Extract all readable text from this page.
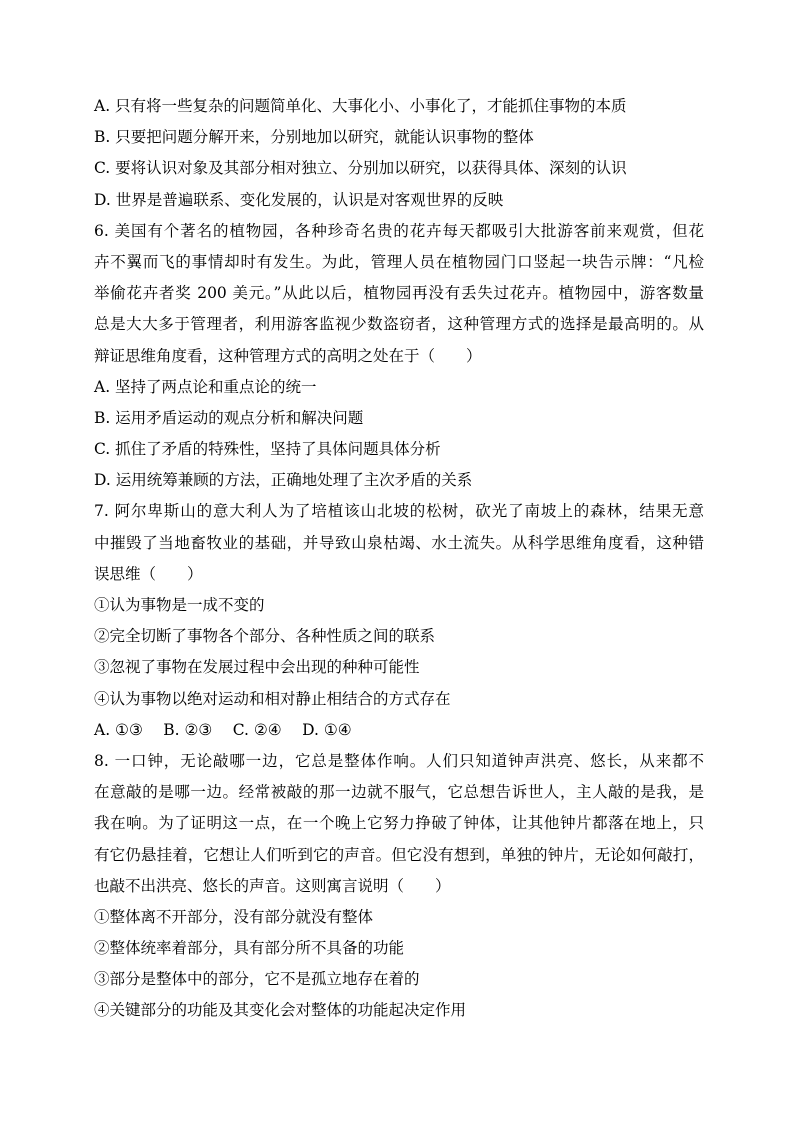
A. 只有将一些复杂的问题简单化、大事化小、小事化了，才能抓住事物的本质
B. 只要把问题分解开来，分别地加以研究，就能认识事物的整体
C. 要将认识对象及其部分相对独立、分别加以研究，以获得具体、深刻的认识
D. 世界是普遍联系、变化发展的，认识是对客观世界的反映
6. 美国有个著名的植物园，各种珍奇名贵的花卉每天都吸引大批游客前来观赏，但花
卉不翼而飞的事情却时有发生。为此，管理人员在植物园门口竖起一块告示牌：“凡检
举偷花卉者奖 200 美元。”从此以后，植物园再没有丢失过花卉。植物园中，游客数量
总是大大多于管理者，利用游客监视少数盗窃者，这种管理方式的选择是最高明的。从
辩证思维角度看，这种管理方式的高明之处在于（　　）
A. 坚持了两点论和重点论的统一
B. 运用矛盾运动的观点分析和解决问题
C. 抓住了矛盾的特殊性，坚持了具体问题具体分析
D. 运用统筹兼顾的方法，正确地处理了主次矛盾的关系
7. 阿尔卑斯山的意大利人为了培植该山北坡的松树，砍光了南坡上的森林，结果无意
中摧毁了当地畜牧业的基础，并导致山泉枯竭、水土流失。从科学思维角度看，这种错
误思维（　　）
①认为事物是一成不变的
②完全切断了事物各个部分、各种性质之间的联系
③忽视了事物在发展过程中会出现的种种可能性
④认为事物以绝对运动和相对静止相结合的方式存在
A. ①③　 B. ②③　 C. ②④　 D. ①④
8. 一口钟，无论敲哪一边，它总是整体作响。人们只知道钟声洪亮、悠长，从来都不
在意敲的是哪一边。经常被敲的那一边就不服气，它总想告诉世人，主人敲的是我，是
我在响。为了证明这一点，在一个晚上它努力挣破了钟体，让其他钟片都落在地上，只
有它仍悬挂着，它想让人们听到它的声音。但它没有想到，单独的钟片，无论如何敲打，
也敲不出洪亮、悠长的声音。这则寓言说明（　　）
①整体离不开部分，没有部分就没有整体
②整体统率着部分，具有部分所不具备的功能
③部分是整体中的部分，它不是孤立地存在着的
④关键部分的功能及其变化会对整体的功能起决定作用
